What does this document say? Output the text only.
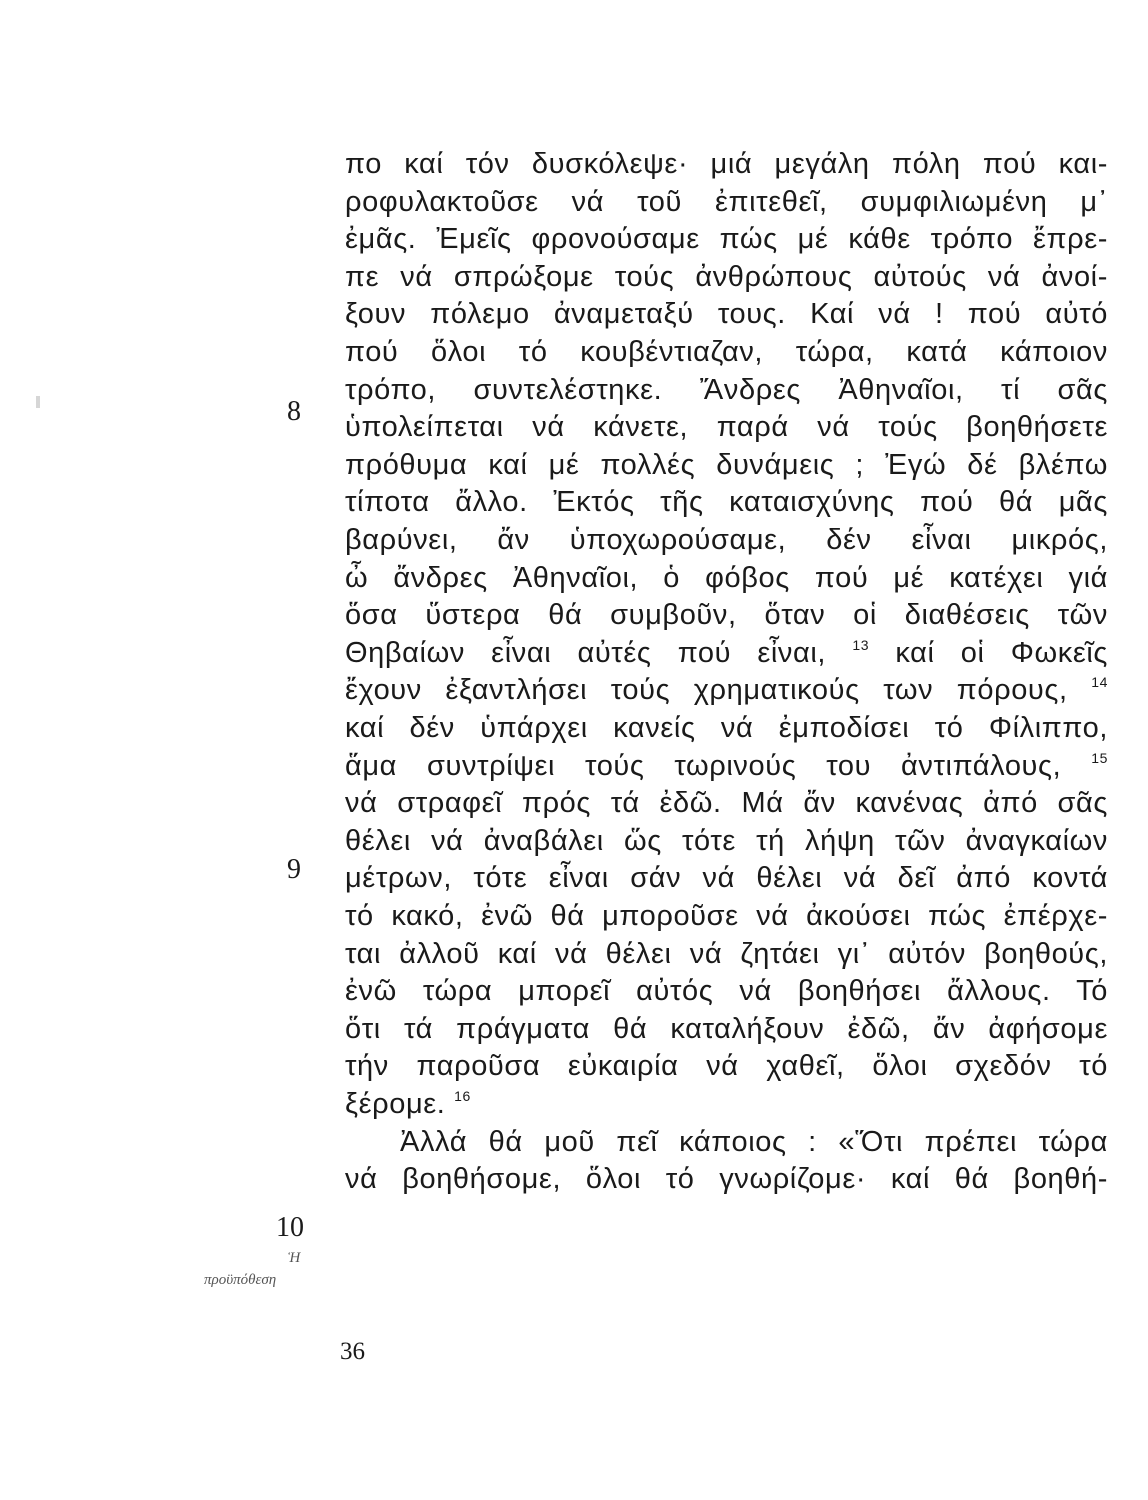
πο καί τόν δυσκόλεψε· μιά μεγάλη πόλη πού και-
ροφυλακτοῦσε νά τοῦ ἐπιτεθεῖ, συμφιλιωμένη μ᾿
ἐμᾶς. Ἐμεῖς φρονούσαμε πώς μέ κάθε τρόπο ἔπρε-
πε νά σπρώξομε τούς ἀνθρώπους αὐτούς νά ἀνοί-
ξουν πόλεμο ἀναμεταξύ τους. Καί νά ! πού αὐτό
πού ὅλοι τό κουβέντιαζαν, τώρα, κατά κάποιον
τρόπο, συντελέστηκε. Ἄνδρες Ἀθηναῖοι, τί σᾶς
ὑπολείπεται νά κάνετε, παρά νά τούς βοηθήσετε
πρόθυμα καί μέ πολλές δυνάμεις ; Ἐγώ δέ βλέπω
τίποτα ἄλλο. Ἐκτός τῆς καταισχύνης πού θά μᾶς
βαρύνει, ἄν ὑποχωρούσαμε, δέν εἶναι μικρός,
ὦ ἄνδρες Ἀθηναῖοι, ὁ φόβος πού μέ κατέχει γιά
ὅσα ὕστερα θά συμβοῦν, ὅταν οἱ διαθέσεις τῶν
Θηβαίων εἶναι αὐτές πού εἶναι, $^{13}$ καί οἱ Φωκεῖς
ἔχουν ἐξαντλήσει τούς χρηματικούς των πόρους, $^{14}$
καί δέν ὑπάρχει κανείς νά ἐμποδίσει τό Φίλιππο,
ἅμα συντρίψει τούς τωρινούς του ἀντιπάλους, $^{15}$
νά στραφεῖ πρός τά ἐδῶ. Μά ἄν κανένας ἀπό σᾶς
θέλει νά ἀναβάλει ὥς τότε τή λήψη τῶν ἀναγκαίων
μέτρων, τότε εἶναι σάν νά θέλει νά δεῖ ἀπό κοντά
τό κακό, ἐνῶ θά μποροῦσε νά ἀκούσει πώς ἐπέρχε-
ται ἀλλοῦ καί νά θέλει νά ζητάει γι᾿ αὐτόν βοηθούς,
ἐνῶ τώρα μπορεῖ αὐτός νά βοηθήσει ἄλλους. Τό
ὅτι τά πράγματα θά καταλήξουν ἐδῶ, ἄν ἀφήσομε
τήν παροῦσα εὐκαιρία νά χαθεῖ, ὅλοι σχεδόν τό
ξέρομε. $^{16}$
Ἀλλά θά μοῦ πεῖ κάποιος : «Ὅτι πρέπει τώρα
νά βοηθήσομε, ὅλοι τό γνωρίζομε· καί θά βοηθή-
8
9
10
Ἡ
προϋπόθεση
36
